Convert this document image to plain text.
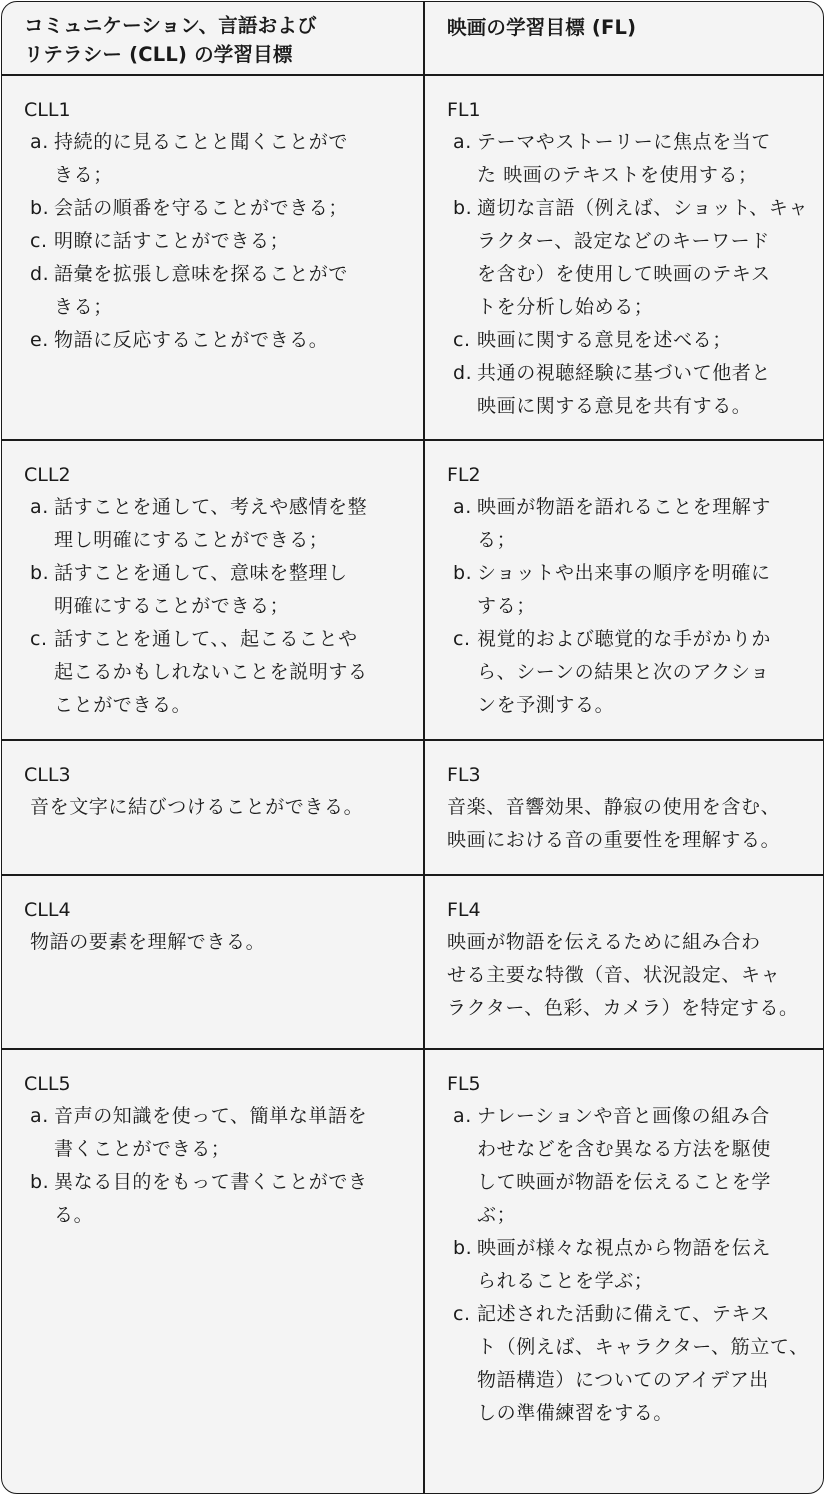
コミュニケーション、言語および
リテラシー (CLL) の学習目標
映画の学習目標 (FL)
CLL1
a. 持続的に見ることと聞くことがで
きる；
b. 会話の順番を守ることができる；
c. 明瞭に話すことができる；
d. 語彙を拡張し意味を探ることがで
きる；
e. 物語に反応することができる。
FL1
a. テーマやストーリーに焦点を当て
た 映画のテキストを使用する；
b. 適切な言語（例えば、ショット、キャ
ラクター、設定などのキーワード
を含む）を使用して映画のテキス
トを分析し始める；
c. 映画に関する意見を述べる；
d. 共通の視聴経験に基づいて他者と
映画に関する意見を共有する。
CLL2
a. 話すことを通して、考えや感情を整
理し明確にすることができる；
b. 話すことを通して、意味を整理し
明確にすることができる；
c. 話すことを通して、、起こることや
起こるかもしれないことを説明する
ことができる。
FL2
a. 映画が物語を語れることを理解す
る；
b. ショットや出来事の順序を明確に
する；
c. 視覚的および聴覚的な手がかりか
ら、シーンの結果と次のアクショ
ンを予測する。
CLL3
音を文字に結びつけることができる。
FL3
音楽、音響効果、静寂の使用を含む、
映画における音の重要性を理解する。
CLL4
物語の要素を理解できる。
FL4
映画が物語を伝えるために組み合わ
せる主要な特徴（音、状況設定、キャ
ラクター、色彩、カメラ）を特定する。
CLL5
a. 音声の知識を使って、簡単な単語を
書くことができる；
b. 異なる目的をもって書くことができ
る。
FL5
a. ナレーションや音と画像の組み合
わせなどを含む異なる方法を駆使
して映画が物語を伝えることを学
ぶ；
b. 映画が様々な視点から物語を伝え
られることを学ぶ；
c. 記述された活動に備えて、テキス
ト（例えば、キャラクター、筋立て、
物語構造）についてのアイデア出
しの準備練習をする。
